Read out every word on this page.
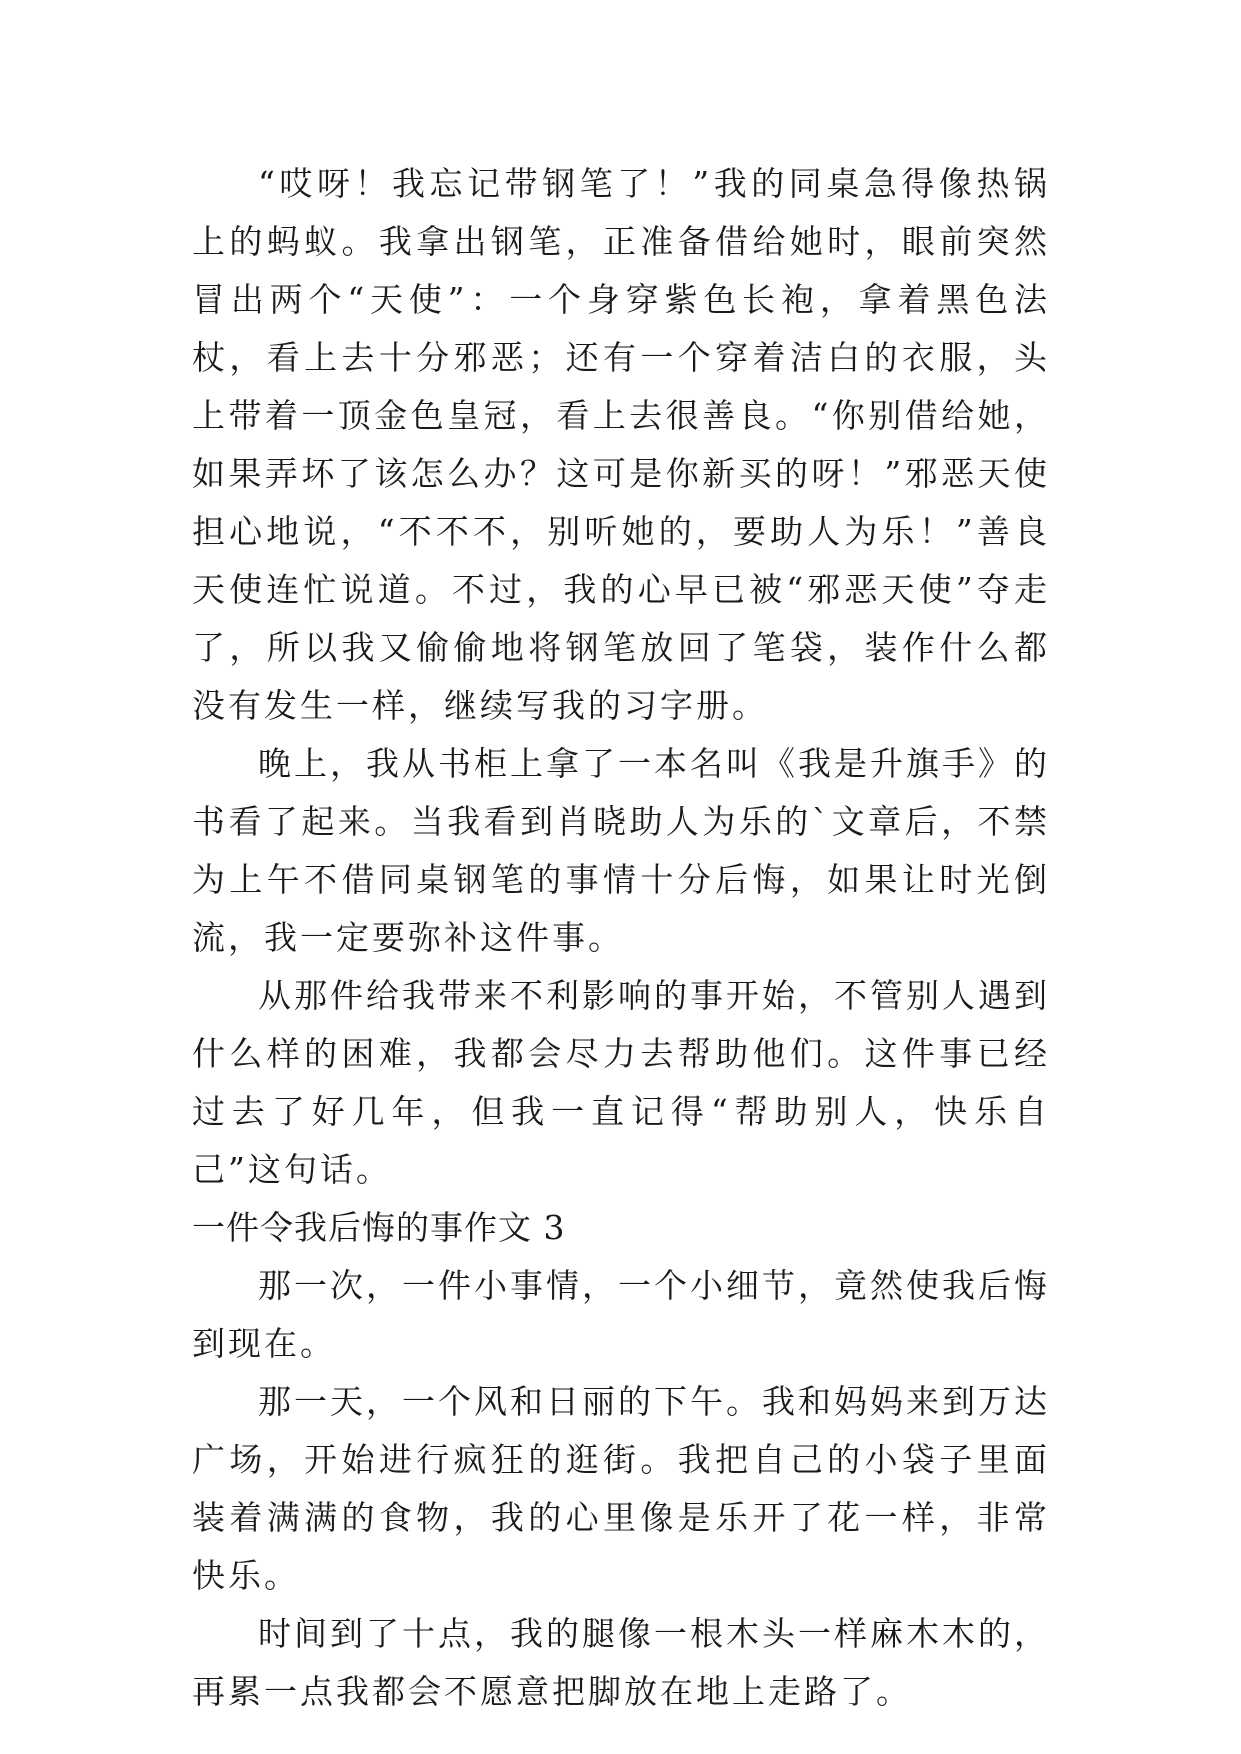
“哎呀！我忘记带钢笔了！”我的同桌急得像热锅上的蚂蚁。我拿出钢笔，正准备借给她时，眼前突然冒出两个“天使”：一个身穿紫色长袍，拿着黑色法杖，看上去十分邪恶；还有一个穿着洁白的衣服，头上带着一顶金色皇冠，看上去很善良。“你别借给她，如果弄坏了该怎么办？这可是你新买的呀！”邪恶天使担心地说，“不不不，别听她的，要助人为乐！”善良天使连忙说道。不过，我的心早已被“邪恶天使”夺走了，所以我又偷偷地将钢笔放回了笔袋，装作什么都没有发生一样，继续写我的习字册。

晚上，我从书柜上拿了一本名叫《我是升旗手》的书看了起来。当我看到肖晓助人为乐的`文章后，不禁为上午不借同桌钢笔的事情十分后悔，如果让时光倒流，我一定要弥补这件事。

从那件给我带来不利影响的事开始，不管别人遇到什么样的困难，我都会尽力去帮助他们。这件事已经过去了好几年，但我一直记得“帮助别人，快乐自己”这句话。

一件令我后悔的事作文 3

那一次，一件小事情，一个小细节，竟然使我后悔到现在。

那一天，一个风和日丽的下午。我和妈妈来到万达广场，开始进行疯狂的逛街。我把自己的小袋子里面装着满满的食物，我的心里像是乐开了花一样，非常快乐。

时间到了十点，我的腿像一根木头一样麻木木的，再累一点我都会不愿意把脚放在地上走路了。
